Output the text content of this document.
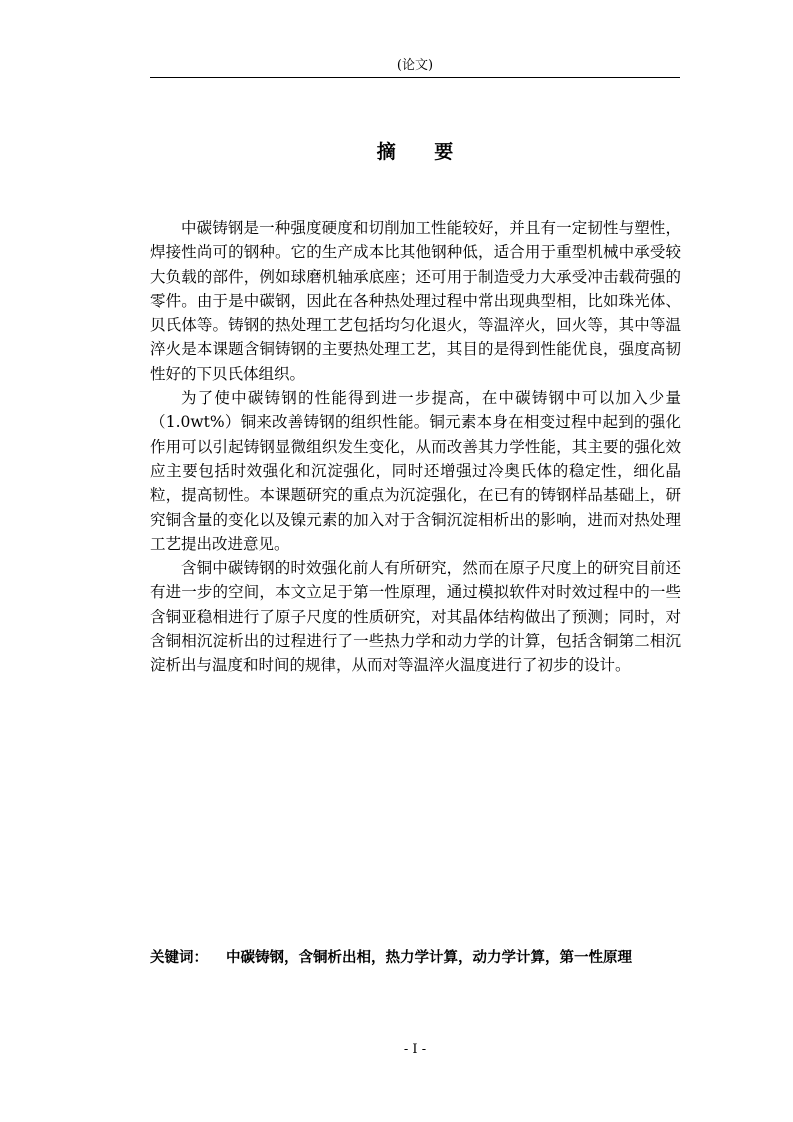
(论文)
摘 要

中碳铸钢是一种强度硬度和切削加工性能较好，并且有一定韧性与塑性，焊接性尚可的钢种。它的生产成本比其他钢种低，适合用于重型机械中承受较大负载的部件，例如球磨机轴承底座；还可用于制造受力大承受冲击载荷强的零件。由于是中碳钢，因此在各种热处理过程中常出现典型相，比如珠光体、贝氏体等。铸钢的热处理工艺包括均匀化退火，等温淬火，回火等，其中等温淬火是本课题含铜铸钢的主要热处理工艺，其目的是得到性能优良，强度高韧性好的下贝氏体组织。

为了使中碳铸钢的性能得到进一步提高，在中碳铸钢中可以加入少量（1.0wt%）铜来改善铸钢的组织性能。铜元素本身在相变过程中起到的强化作用可以引起铸钢显微组织发生变化，从而改善其力学性能，其主要的强化效应主要包括时效强化和沉淀强化，同时还增强过冷奥氏体的稳定性，细化晶粒，提高韧性。本课题研究的重点为沉淀强化，在已有的铸钢样品基础上，研究铜含量的变化以及镍元素的加入对于含铜沉淀相析出的影响，进而对热处理工艺提出改进意见。

含铜中碳铸钢的时效强化前人有所研究，然而在原子尺度上的研究目前还有进一步的空间，本文立足于第一性原理，通过模拟软件对时效过程中的一些含铜亚稳相进行了原子尺度的性质研究，对其晶体结构做出了预测；同时，对含铜相沉淀析出的过程进行了一些热力学和动力学的计算，包括含铜第二相沉淀析出与温度和时间的规律，从而对等温淬火温度进行了初步的设计。

关键词： 中碳铸钢，含铜析出相，热力学计算，动力学计算，第一性原理
- I -
